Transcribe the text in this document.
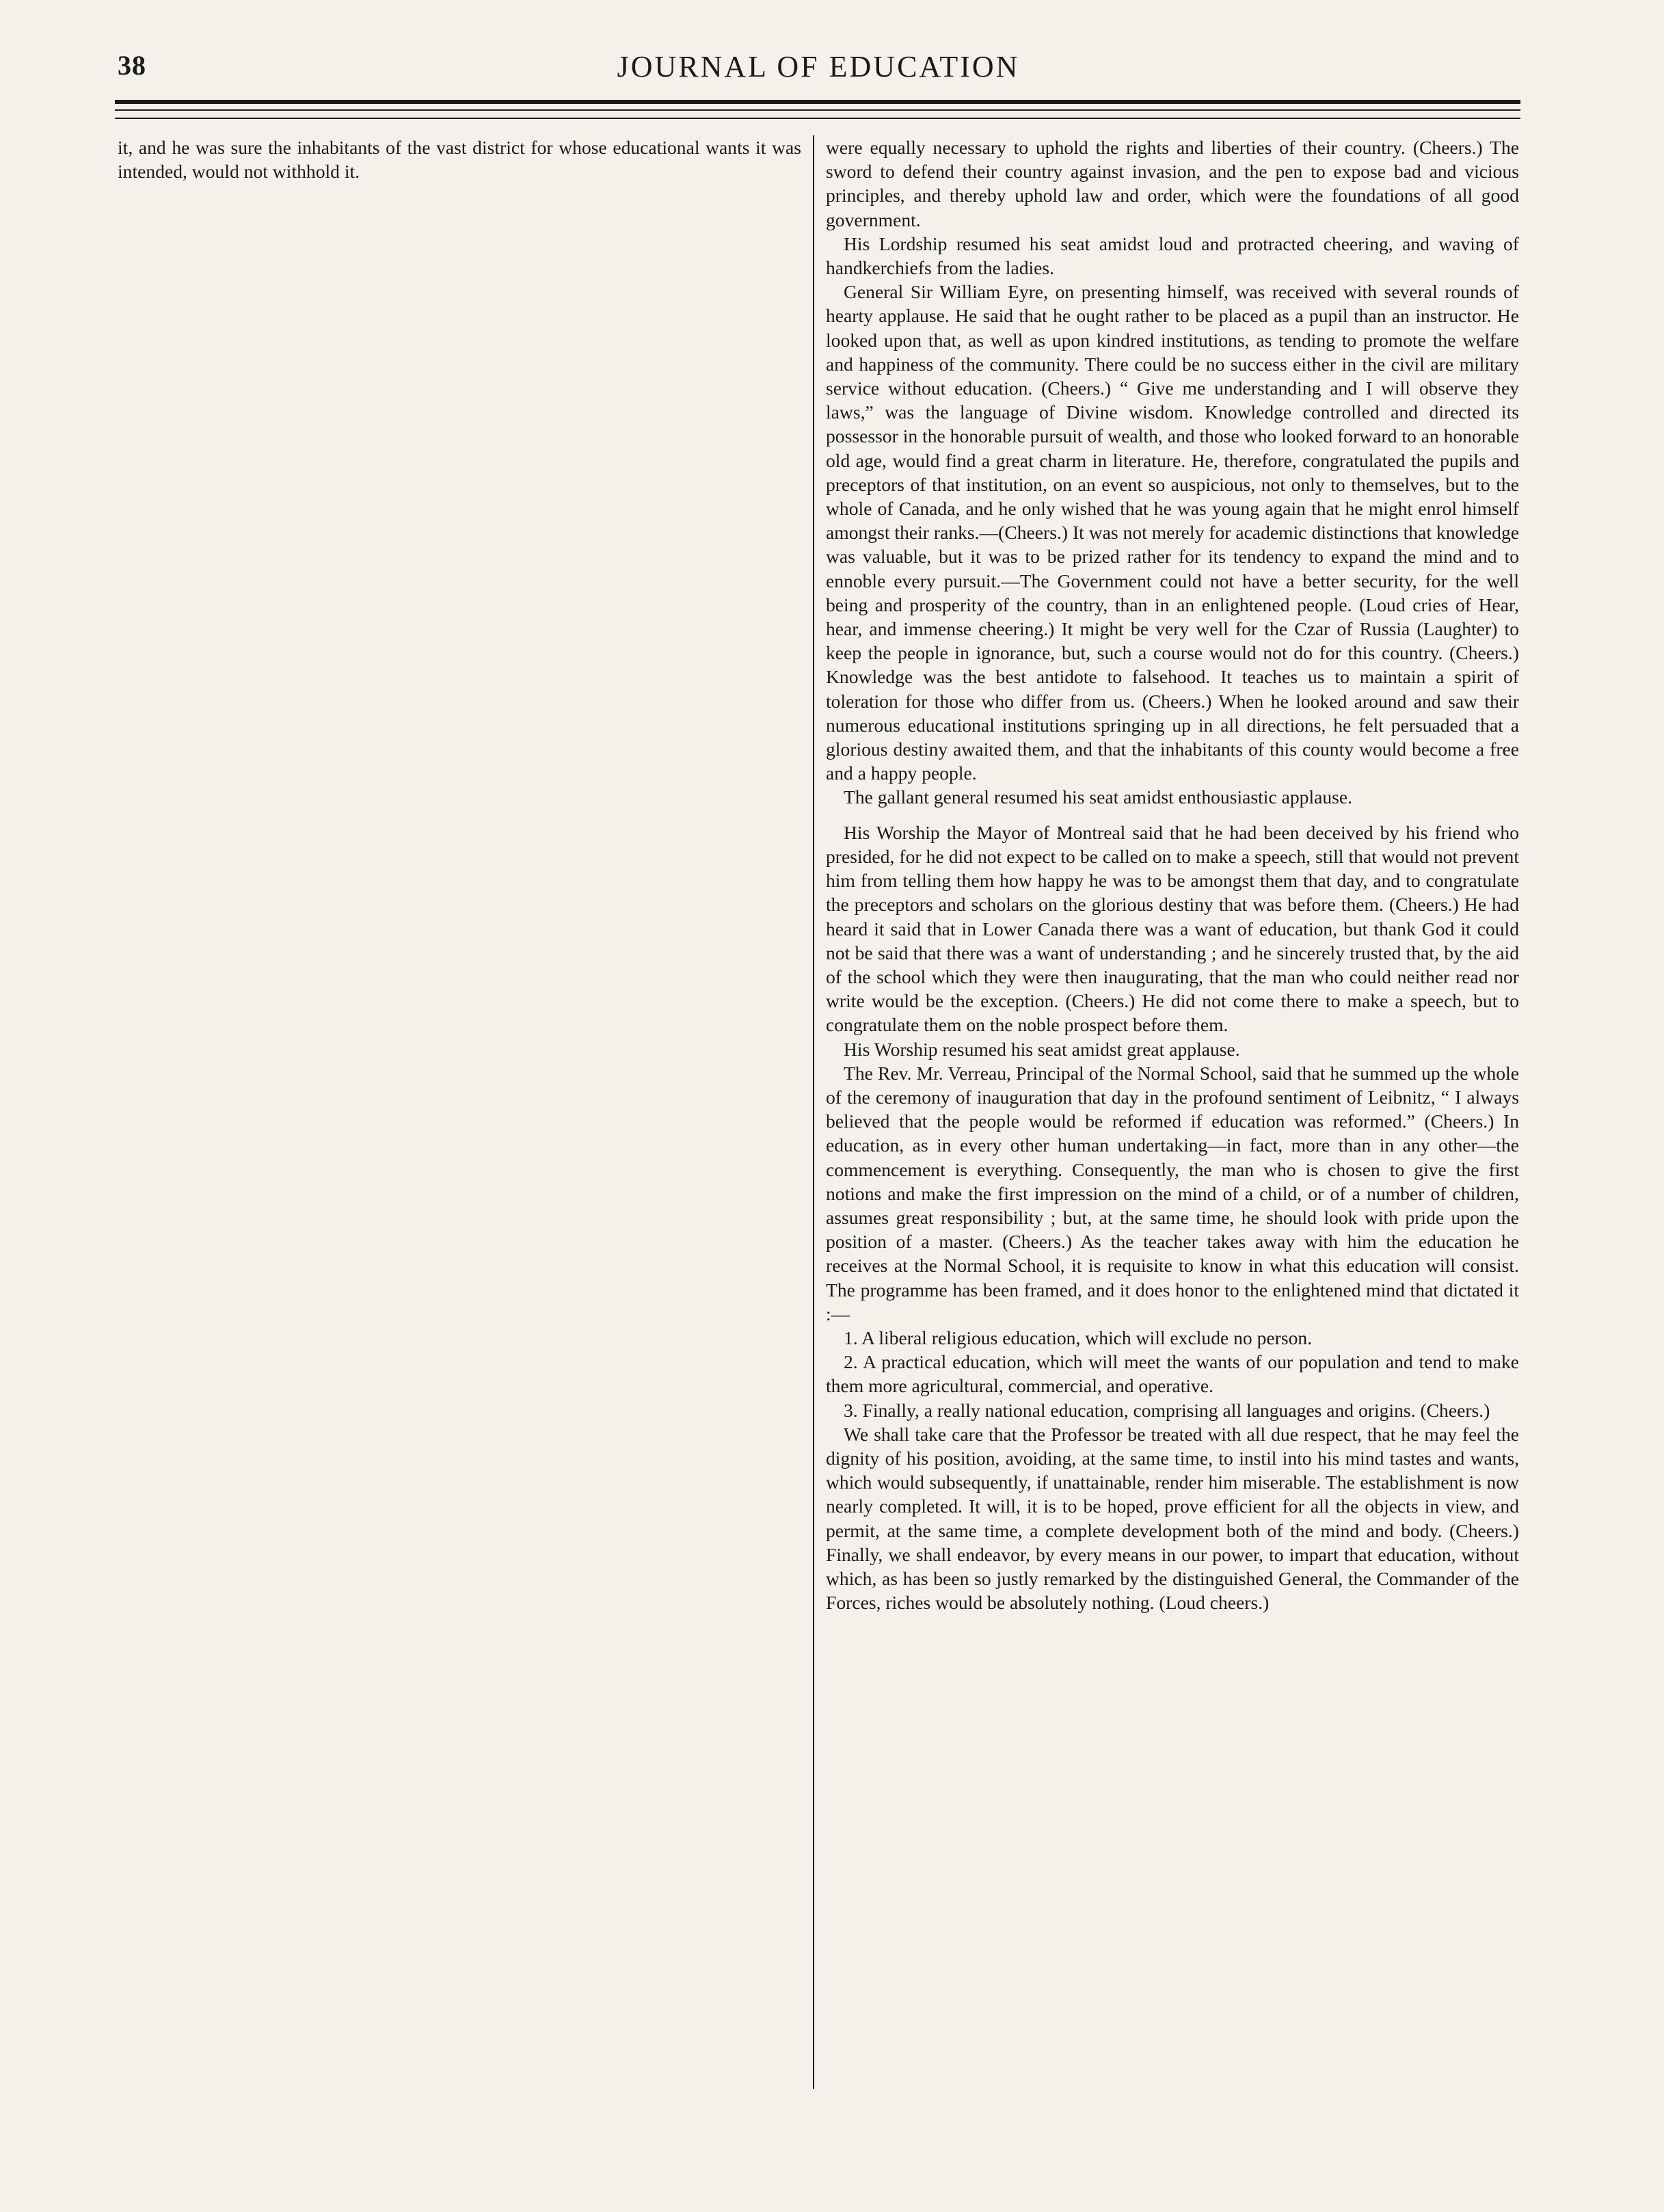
38	JOURNAL OF EDUCATION

it, and he was sure the inhabitants of the vast district for whose educational wants it was intended, would not withhold it.

were equally necessary to uphold the rights and liberties of their country. (Cheers.) The sword to defend their country against invasion, and the pen to expose bad and vicious principles, and thereby uphold law and order, which were the foundations of all good government.

His Lordship resumed his seat amidst loud and protracted cheering, and waving of handkerchiefs from the ladies.

General Sir William Eyre, on presenting himself, was received with several rounds of hearty applause. He said that he ought rather to be placed as a pupil than an instructor. He looked upon that, as well as upon kindred institutions, as tending to promote the welfare and happiness of the community. There could be no success either in the civil are military service without education. (Cheers.) “ Give me understanding and I will observe they laws,” was the language of Divine wisdom. Knowledge controlled and directed its possessor in the honorable pursuit of wealth, and those who looked forward to an honorable old age, would find a great charm in literature. He, therefore, congratulated the pupils and preceptors of that institution, on an event so auspicious, not only to themselves, but to the whole of Canada, and he only wished that he was young again that he might enrol himself amongst their ranks.—(Cheers.) It was not merely for academic distinctions that knowledge was valuable, but it was to be prized rather for its tendency to expand the mind and to ennoble every pursuit.—The Government could not have a better security, for the well being and prosperity of the country, than in an enlightened people. (Loud cries of Hear, hear, and immense cheering.) It might be very well for the Czar of Russia (Laughter) to keep the people in ignorance, but, such a course would not do for this country. (Cheers.) Knowledge was the best antidote to falsehood. It teaches us to maintain a spirit of toleration for those who differ from us. (Cheers.) When he looked around and saw their numerous educational institutions springing up in all directions, he felt persuaded that a glorious destiny awaited them, and that the inhabitants of this county would become a free and a happy people.

The gallant general resumed his seat amidst enthousiastic applause.

His Worship the Mayor of Montreal said that he had been deceived by his friend who presided, for he did not expect to be called on to make a speech, still that would not prevent him from telling them how happy he was to be amongst them that day, and to congratulate the preceptors and scholars on the glorious destiny that was before them. (Cheers.) He had heard it said that in Lower Canada there was a want of education, but thank God it could not be said that there was a want of understanding ; and he sincerely trusted that, by the aid of the school which they were then inaugurating, that the man who could neither read nor write would be the exception. (Cheers.) He did not come there to make a speech, but to congratulate them on the noble prospect before them.

His Worship resumed his seat amidst great applause.

The Rev. Mr. Verreau, Principal of the Normal School, said that he summed up the whole of the ceremony of inauguration that day in the profound sentiment of Leibnitz, “ I always believed that the people would be reformed if education was reformed.” (Cheers.) In education, as in every other human undertaking—in fact, more than in any other—the commencement is everything. Consequently, the man who is chosen to give the first notions and make the first impression on the mind of a child, or of a number of children, assumes great responsibility ; but, at the same time, he should look with pride upon the position of a master. (Cheers.) As the teacher takes away with him the education he receives at the Normal School, it is requisite to know in what this education will consist. The programme has been framed, and it does honor to the enlightened mind that dictated it :—

1. A liberal religious education, which will exclude no person.

2. A practical education, which will meet the wants of our population and tend to make them more agricultural, commercial, and operative.

3. Finally, a really national education, comprising all languages and origins. (Cheers.)

We shall take care that the Professor be treated with all due respect, that he may feel the dignity of his position, avoiding, at the same time, to instil into his mind tastes and wants, which would subsequently, if unattainable, render him miserable. The establishment is now nearly completed. It will, it is to be hoped, prove efficient for all the objects in view, and permit, at the same time, a complete development both of the mind and body. (Cheers.) Finally, we shall endeavor, by every means in our power, to impart that education, without which, as has been so justly remarked by the distinguished General, the Commander of the Forces, riches would be absolutely nothing. (Loud cheers.)
